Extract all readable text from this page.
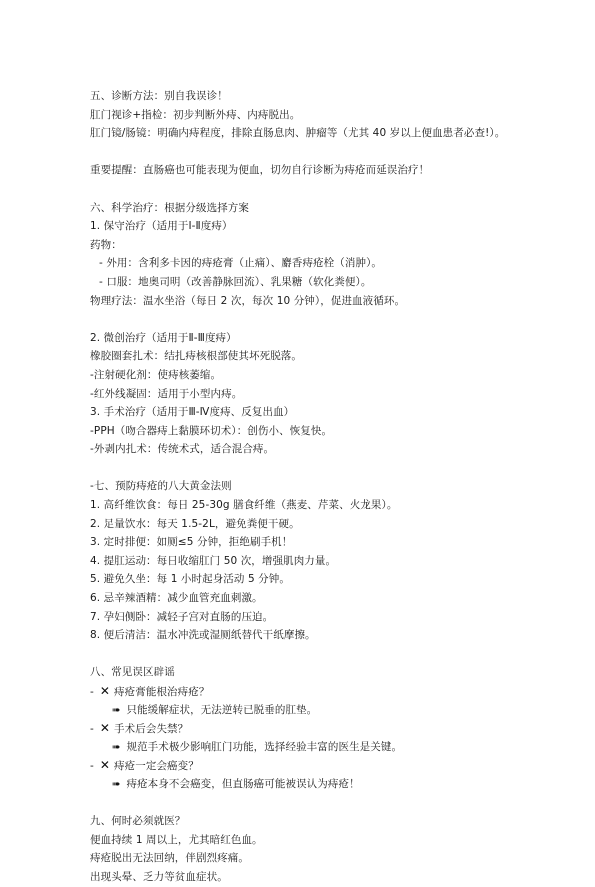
五、诊断方法：别自我误诊！
肛门视诊+指检：初步判断外痔、内痔脱出。
肛门镜/肠镜：明确内痔程度，排除直肠息肉、肿瘤等（尤其 40 岁以上便血患者必查!）。
重要提醒：直肠癌也可能表现为便血，切勿自行诊断为痔疮而延误治疗！
六、科学治疗：根据分级选择方案
1. 保守治疗（适用于Ⅰ-Ⅱ度痔）
药物：
- 外用：含利多卡因的痔疮膏（止痛）、麝香痔疮栓（消肿）。
- 口服：地奥司明（改善静脉回流）、乳果糖（软化粪便）。
物理疗法：温水坐浴（每日 2 次，每次 10 分钟），促进血液循环。
2. 微创治疗（适用于Ⅱ-Ⅲ度痔）
橡胶圈套扎术：结扎痔核根部使其坏死脱落。
-注射硬化剂：使痔核萎缩。
-红外线凝固：适用于小型内痔。
3. 手术治疗（适用于Ⅲ-Ⅳ度痔、反复出血）
-PPH（吻合器痔上黏膜环切术）：创伤小、恢复快。
-外剥内扎术：传统术式，适合混合痔。
-七、预防痔疮的八大黄金法则
1. 高纤维饮食：每日 25-30g 膳食纤维（燕麦、芹菜、火龙果）。
2. 足量饮水：每天 1.5-2L，避免粪便干硬。
3. 定时排便：如厕≤5 分钟，拒绝刷手机！
4. 提肛运动：每日收缩肛门 50 次，增强肌肉力量。
5. 避免久坐：每 1 小时起身活动 5 分钟。
6. 忌辛辣酒精：减少血管充血刺激。
7. 孕妇侧卧：减轻子宫对直肠的压迫。
8. 便后清洁：温水冲洗或湿厕纸替代干纸摩擦。
八、常见误区辟谣
- ✕ 痔疮膏能根治痔疮？
➠ 只能缓解症状，无法逆转已脱垂的肛垫。
- ✕ 手术后会失禁？
➠ 规范手术极少影响肛门功能，选择经验丰富的医生是关键。
- ✕ 痔疮一定会癌变？
➠ 痔疮本身不会癌变，但直肠癌可能被误认为痔疮！
九、何时必须就医？
便血持续 1 周以上，尤其暗红色血。
痔疮脱出无法回纳，伴剧烈疼痛。
出现头晕、乏力等贫血症状。
